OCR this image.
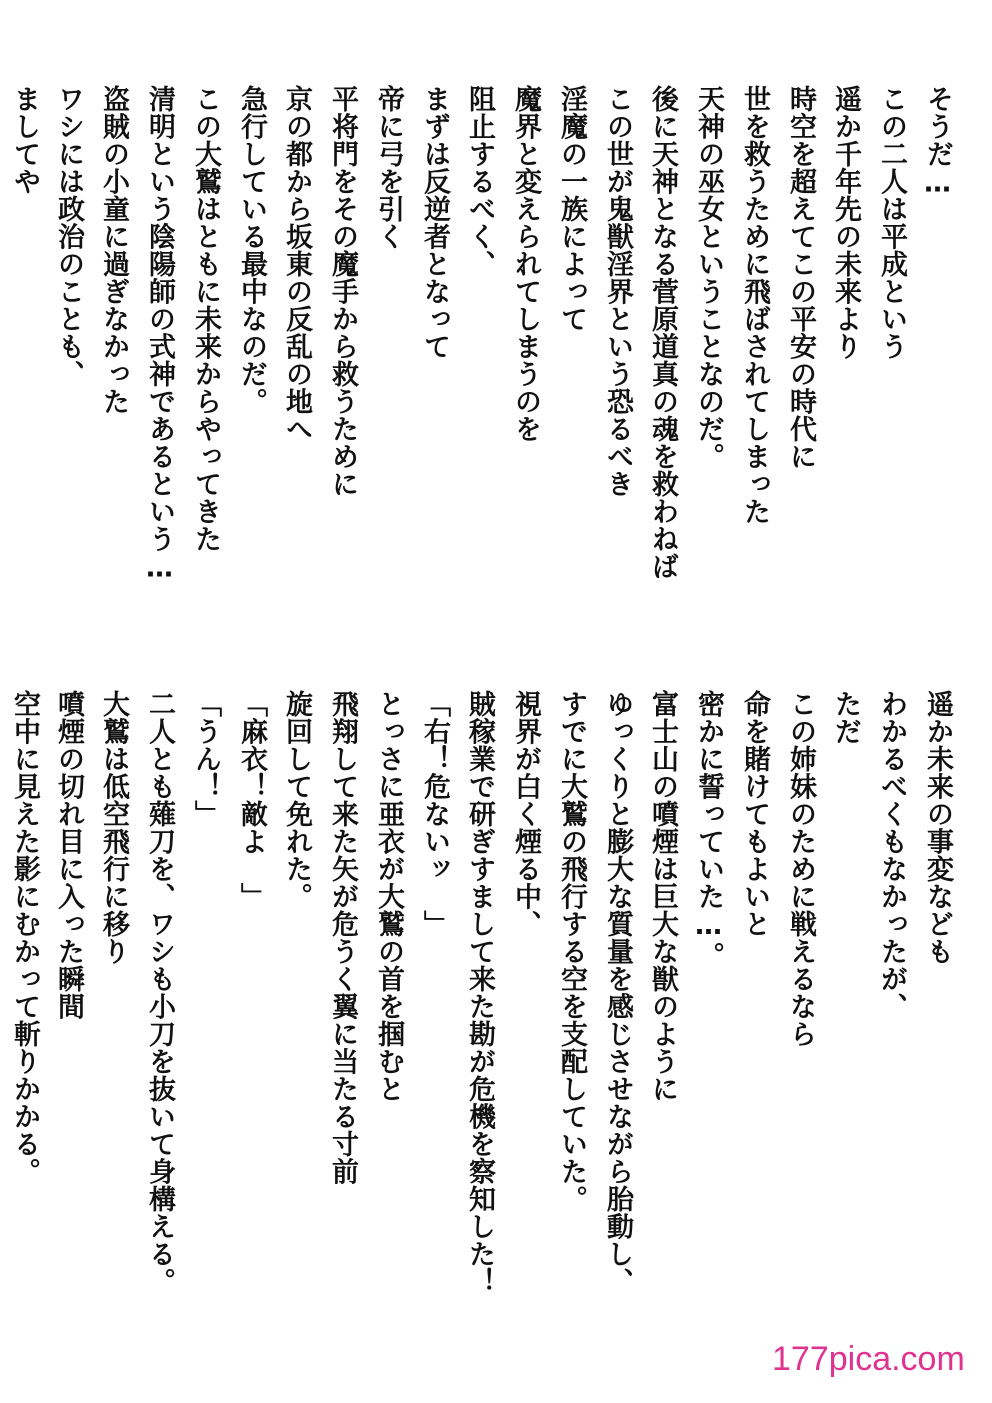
そうだ…
この二人は平成という
遥か千年先の未来より
時空を超えてこの平安の時代に
世を救うために飛ばされてしまった
天神の巫女ということなのだ。
後に天神となる菅原道真の魂を救わねば
この世が鬼獣淫界という恐るべき
淫魔の一族によって
魔界と変えられてしまうのを
阻止するべく、
まずは反逆者となって
帝に弓を引く
平将門をその魔手から救うために
京の都から坂東の反乱の地へ
急行している最中なのだ。
この大鷲はともに未来からやってきた
清明という陰陽師の式神であるという…
盗賊の小童に過ぎなかった
ワシには政治のことも、
ましてや
遥か未来の事変なども
わかるべくもなかったが、
ただ
この姉妹のために戦えるなら
命を賭けてもよいと
密かに誓っていた…。
富士山の噴煙は巨大な獣のように
ゆっくりと膨大な質量を感じさせながら胎動し、
すでに大鷲の飛行する空を支配していた。
視界が白く煙る中、
賊稼業で研ぎすまして来た勘が危機を察知した！
「右！危ないッ　」
とっさに亜衣が大鷲の首を掴むと
飛翔して来た矢が危うく翼に当たる寸前
旋回して免れた。
「麻衣！敵よ　」
「うん！」
二人とも薙刀を、ワシも小刀を抜いて身構える。
大鷲は低空飛行に移り
噴煙の切れ目に入った瞬間
空中に見えた影にむかって斬りかかる。
177pica.com
